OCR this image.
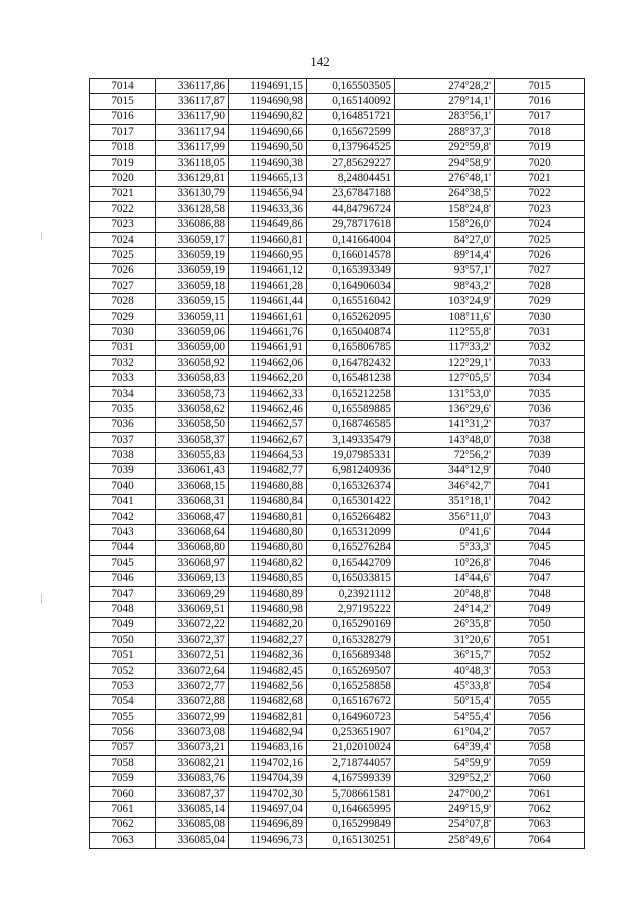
142
7014	336117,86	1194691,15	0,165503505	274°28,2'	7015
7015	336117,87	1194690,98	0,165140092	279°14,1'	7016
7016	336117,90	1194690,82	0,164851721	283°56,1'	7017
7017	336117,94	1194690,66	0,165672599	288°37,3'	7018
7018	336117,99	1194690,50	0,137964525	292°59,8'	7019
7019	336118,05	1194690,38	27,85629227	294°58,9'	7020
7020	336129,81	1194665,13	8,24804451	276°48,1'	7021
7021	336130,79	1194656,94	23,67847188	264°38,5'	7022
7022	336128,58	1194633,36	44,84796724	158°24,8'	7023
7023	336086,88	1194649,86	29,78717618	158°26,0'	7024
7024	336059,17	1194660,81	0,141664004	84°27,0'	7025
7025	336059,19	1194660,95	0,166014578	89°14,4'	7026
7026	336059,19	1194661,12	0,165393349	93°57,1'	7027
7027	336059,18	1194661,28	0,164906034	98°43,2'	7028
7028	336059,15	1194661,44	0,165516042	103°24,9'	7029
7029	336059,11	1194661,61	0,165262095	108°11,6'	7030
7030	336059,06	1194661,76	0,165040874	112°55,8'	7031
7031	336059,00	1194661,91	0,165806785	117°33,2'	7032
7032	336058,92	1194662,06	0,164782432	122°29,1'	7033
7033	336058,83	1194662,20	0,165481238	127°05,5'	7034
7034	336058,73	1194662,33	0,165212258	131°53,0'	7035
7035	336058,62	1194662,46	0,165589885	136°29,6'	7036
7036	336058,50	1194662,57	0,168746585	141°31,2'	7037
7037	336058,37	1194662,67	3,149335479	143°48,0'	7038
7038	336055,83	1194664,53	19,07985331	72°56,2'	7039
7039	336061,43	1194682,77	6,981240936	344°12,9'	7040
7040	336068,15	1194680,88	0,165326374	346°42,7'	7041
7041	336068,31	1194680,84	0,165301422	351°18,1'	7042
7042	336068,47	1194680,81	0,165266482	356°11,0'	7043
7043	336068,64	1194680,80	0,165312099	0°41,6'	7044
7044	336068,80	1194680,80	0,165276284	5°33,3'	7045
7045	336068,97	1194680,82	0,165442709	10°26,8'	7046
7046	336069,13	1194680,85	0,165033815	14°44,6'	7047
7047	336069,29	1194680,89	0,23921112	20°48,8'	7048
7048	336069,51	1194680,98	2,97195222	24°14,2'	7049
7049	336072,22	1194682,20	0,165290169	26°35,8'	7050
7050	336072,37	1194682,27	0,165328279	31°20,6'	7051
7051	336072,51	1194682,36	0,165689348	36°15,7'	7052
7052	336072,64	1194682,45	0,165269507	40°48,3'	7053
7053	336072,77	1194682,56	0,165258858	45°33,8'	7054
7054	336072,88	1194682,68	0,165167672	50°15,4'	7055
7055	336072,99	1194682,81	0,164960723	54°55,4'	7056
7056	336073,08	1194682,94	0,253651907	61°04,2'	7057
7057	336073,21	1194683,16	21,02010024	64°39,4'	7058
7058	336082,21	1194702,16	2,718744057	54°59,9'	7059
7059	336083,76	1194704,39	4,167599339	329°52,2'	7060
7060	336087,37	1194702,30	5,708661581	247°00,2'	7061
7061	336085,14	1194697,04	0,164665995	249°15,9'	7062
7062	336085,08	1194696,89	0,165299849	254°07,8'	7063
7063	336085,04	1194696,73	0,165130251	258°49,6'	7064
